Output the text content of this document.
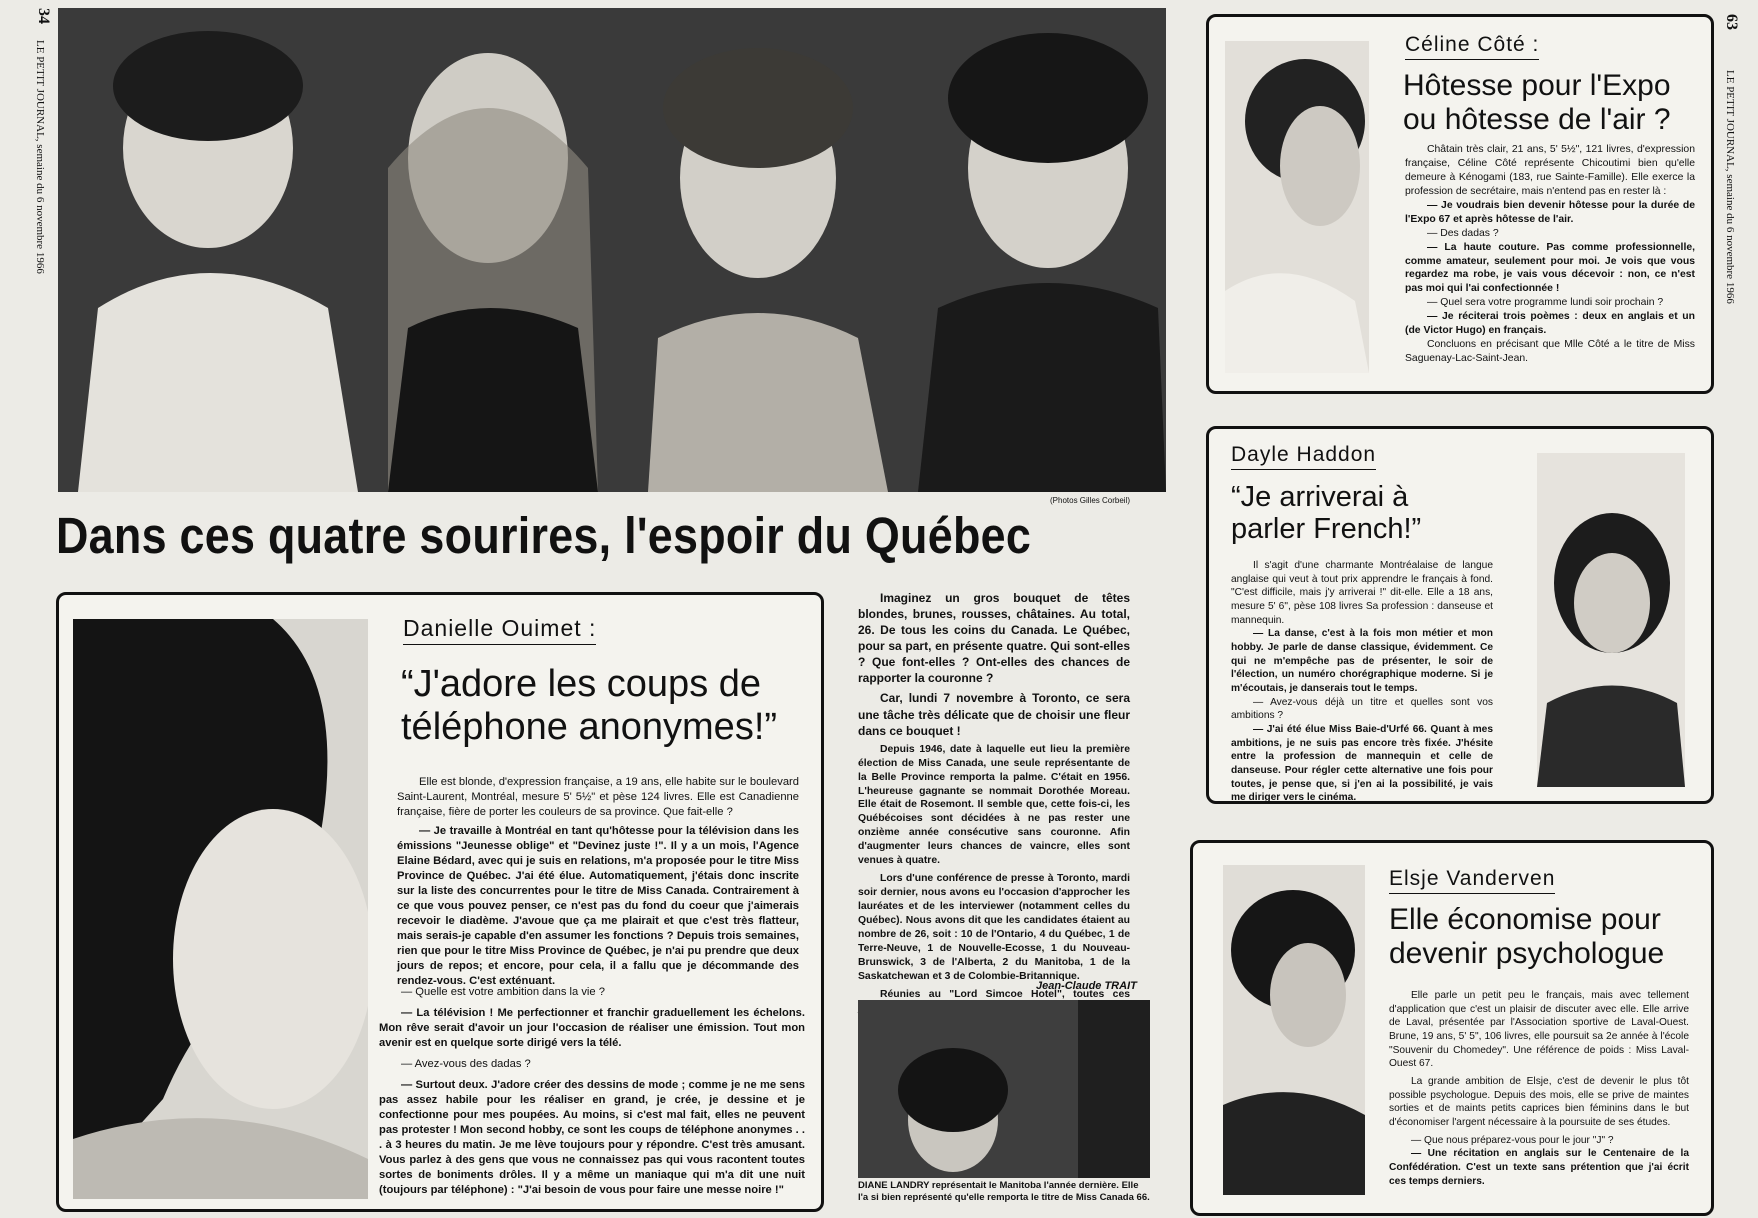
34
LE PETIT JOURNAL, semaine du 6 novembre 1966
(Photos Gilles Corbeil)
Dans ces quatre sourires, l'espoir du Québec
Danielle Ouimet :
“J'adore les coups de téléphone anonymes!”

Elle est blonde, d'expression française, a 19 ans, elle habite sur le boulevard Saint-Laurent, Montréal, mesure 5' 5½" et pèse 124 livres. Elle est Canadienne française, fière de porter les couleurs de sa province. Que fait-elle ?

— Je travaille à Montréal en tant qu'hôtesse pour la télévision dans les émissions "Jeunesse oblige" et "Devinez juste !". Il y a un mois, l'Agence Elaine Bédard, avec qui je suis en relations, m'a proposée pour le titre Miss Province de Québec. J'ai été élue. Automatiquement, j'étais donc inscrite sur la liste des concurrentes pour le titre de Miss Canada. Contrairement à ce que vous pouvez penser, ce n'est pas du fond du coeur que j'aimerais recevoir le diadème. J'avoue que ça me plairait et que c'est très flatteur, mais serais-je capable d'en assumer les fonctions ? Depuis trois semaines, rien que pour le titre Miss Province de Québec, je n'ai pu prendre que deux jours de repos; et encore, pour cela, il a fallu que je décommande des rendez-vous. C'est exténuant.

— Quelle est votre ambition dans la vie ?

— La télévision ! Me perfectionner et franchir graduellement les échelons. Mon rêve serait d'avoir un jour l'occasion de réaliser une émission. Tout mon avenir est en quelque sorte dirigé vers la télé.

— Avez-vous des dadas ?

— Surtout deux. J'adore créer des dessins de mode ; comme je ne me sens pas assez habile pour les réaliser en grand, je crée, je dessine et je confectionne pour mes poupées. Au moins, si c'est mal fait, elles ne peuvent pas protester ! Mon second hobby, ce sont les coups de téléphone anonymes . . . à 3 heures du matin. Je me lève toujours pour y répondre. C'est très amusant. Vous parlez à des gens que vous ne connaissez pas qui vous racontent toutes sortes de boniments drôles. Il y a même un maniaque qui m'a dit une nuit (toujours par téléphone) : "J'ai besoin de vous pour faire une messe noire !"

Imaginez un gros bouquet de têtes blondes, brunes, rousses, châtaines. Au total, 26. De tous les coins du Canada. Le Québec, pour sa part, en présente quatre. Qui sont-elles ? Que font-elles ? Ont-elles des chances de rapporter la couronne ?

Car, lundi 7 novembre à Toronto, ce sera une tâche très délicate que de choisir une fleur dans ce bouquet !

Depuis 1946, date à laquelle eut lieu la première élection de Miss Canada, une seule représentante de la Belle Province remporta la palme. C'était en 1956. L'heureuse gagnante se nommait Dorothée Moreau. Elle était de Rosemont. Il semble que, cette fois-ci, les Québécoises sont décidées à ne pas rester une onzième année consécutive sans couronne. Afin d'augmenter leurs chances de vaincre, elles sont venues à quatre.

Lors d'une conférence de presse à Toronto, mardi soir dernier, nous avons eu l'occasion d'approcher les lauréates et de les interviewer (notamment celles du Québec). Nous avons dit que les candidates étaient au nombre de 26, soit : 10 de l'Ontario, 4 du Québec, 1 de Terre-Neuve, 1 de Nouvelle-Ecosse, 1 du Nouveau-Brunswick, 3 de l'Alberta, 2 du Manitoba, 1 de la Saskatchewan et 3 de Colombie-Britannique.

Réunies au "Lord Simcoe Hotel", toutes ces

Jean-Claude TRAIT
DIANE LANDRY représentait le Manitoba l'année dernière. Elle l'a si bien représenté qu'elle remporta le titre de Miss Canada 66.
63
LE PETIT JOURNAL, semaine du 6 novembre 1966
Céline Côté :
Hôtesse pour l'Expo ou hôtesse de l'air ?

Châtain très clair, 21 ans, 5' 5½", 121 livres, d'expression française, Céline Côté représente Chicoutimi bien qu'elle demeure à Kénogami (183, rue Sainte-Famille). Elle exerce la profession de secrétaire, mais n'entend pas en rester là :

— Je voudrais bien devenir hôtesse pour la durée de l'Expo 67 et après hôtesse de l'air.

— Des dadas ?

— La haute couture. Pas comme professionnelle, comme amateur, seulement pour moi. Je vois que vous regardez ma robe, je vais vous décevoir : non, ce n'est pas moi qui l'ai confectionnée !

— Quel sera votre programme lundi soir prochain ?

— Je réciterai trois poèmes : deux en anglais et un (de Victor Hugo) en français.

Concluons en précisant que Mlle Côté a le titre de Miss Saguenay-Lac-Saint-Jean.

Dayle Haddon
“Je arriverai à parler French!”

Il s'agit d'une charmante Montréalaise de langue anglaise qui veut à tout prix apprendre le français à fond. "C'est difficile, mais j'y arriverai !" dit-elle. Elle a 18 ans, mesure 5' 6", pèse 108 livres Sa profession : danseuse et mannequin.

— La danse, c'est à la fois mon métier et mon hobby. Je parle de danse classique, évidemment. Ce qui ne m'empêche pas de présenter, le soir de l'élection, un numéro chorégraphique moderne. Si je m'écoutais, je danserais tout le temps.

— Avez-vous déjà un titre et quelles sont vos ambitions ?

— J'ai été élue Miss Baie-d'Urfé 66. Quant à mes ambitions, je ne suis pas encore très fixée. J'hésite entre la profession de mannequin et celle de danseuse. Pour régler cette alternative une fois pour toutes, je pense que, si j'en ai la possibilité, je vais me diriger vers le cinéma.

Elsje Vanderven
Elle économise pour devenir psychologue

Elle parle un petit peu le français, mais avec tellement d'application que c'est un plaisir de discuter avec elle. Elle arrive de Laval, présentée par l'Association sportive de Laval-Ouest. Brune, 19 ans, 5' 5", 106 livres, elle poursuit sa 2e année à l'école "Souvenir du Chomedey". Une référence de poids : Miss Laval-Ouest 67.

La grande ambition de Elsje, c'est de devenir le plus tôt possible psychologue. Depuis des mois, elle se prive de maintes sorties et de maints petits caprices bien féminins dans le but d'économiser l'argent nécessaire à la poursuite de ses études.

— Que nous préparez-vous pour le jour "J" ?

— Une récitation en anglais sur le Centenaire de la Confédération. C'est un texte sans prétention que j'ai écrit ces temps derniers.
